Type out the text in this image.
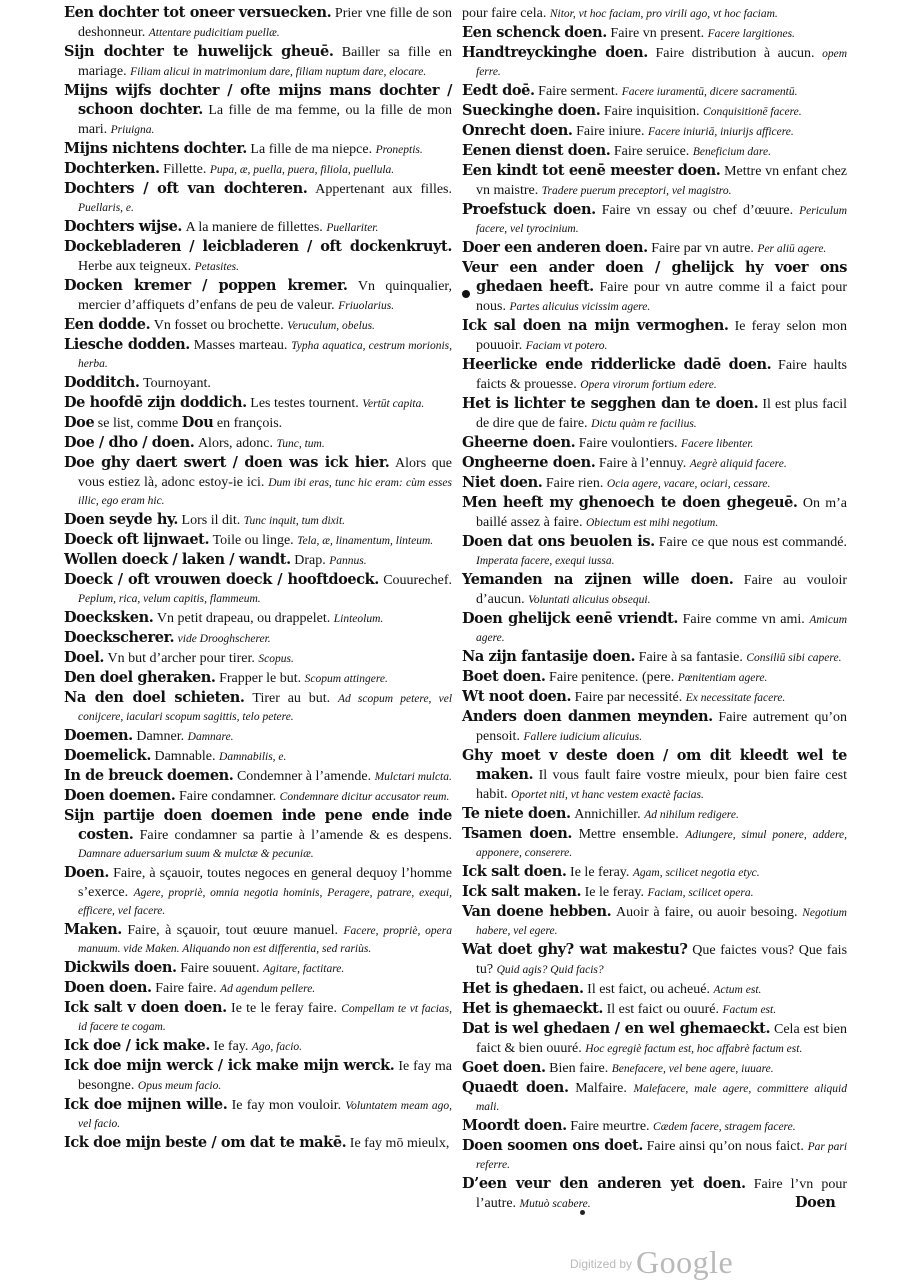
Een dochter tot oneer versuecken. Prier vne fille de son deshonneur. Attentare pudicitiam puellæ.

Sijn dochter te huwelijck gheuē. Bailler sa fille en mariage. Filiam alicui in matrimonium dare, filiam nuptum dare, elocare.

Mijns wijfs dochter / ofte mijns mans dochter / schoon dochter. La fille de ma femme, ou la fille de mon mari. Priuigna.

Mijns nichtens dochter. La fille de ma niepce. Proneptis.

Dochterken. Fillette. Pupa, æ, puella, puera, filiola, puellula.

Dochters / oft van dochteren. Appertenant aux filles. Puellaris, e.

Dochters wijse. A la maniere de fillettes. Puellariter.

Dockebladeren / leicbladeren / oft dockenkruyt. Herbe aux teigneux. Petasites.

Docken kremer / poppen kremer. Vn quinqualier, mercier d’affiquets d’enfans de peu de valeur. Friuolarius.

Een dodde. Vn fosset ou brochette. Veruculum, obelus.

Liesche dodden. Masses marteau. Typha aquatica, cestrum morionis, herba.

Dodditch. Tournoyant.

De hoofdē zijn doddich. Les testes tournent. Vertūt capita.

Doe se list, comme Dou en françois.

Doe / dho / doen. Alors, adonc. Tunc, tum.

Doe ghy daert swert / doen was ick hier. Alors que vous estiez là, adonc estoy-ie ici. Dum ibi eras, tunc hic eram: cùm esses illic, ego eram hic.

Doen seyde hy. Lors il dit. Tunc inquit, tum dixit.

Doeck oft lijnwaet. Toile ou linge. Tela, æ, linamentum, linteum.

Wollen doeck / laken / wandt. Drap. Pannus.

Doeck / oft vrouwen doeck / hooftdoeck. Couurechef. Peplum, rica, velum capitis, flammeum.

Doecksken. Vn petit drapeau, ou drappelet. Linteolum.

Doeckscherer. vide Drooghscherer.

Doel. Vn but d’archer pour tirer. Scopus.

Den doel gheraken. Frapper le but. Scopum attingere.

Na den doel schieten. Tirer au but. Ad scopum petere, vel conijcere, iaculari scopum sagittis, telo petere.

Doemen. Damner. Damnare.

Doemelick. Damnable. Damnabilis, e.

In de breuck doemen. Condemner à l’amende. Mulctari mulcta.

Doen doemen. Faire condamner. Condemnare dicitur accusator reum.

Sijn partije doen doemen inde pene ende inde costen. Faire condamner sa partie à l’amende & es despens. Damnare aduersarium suum & mulctæ & pecuniæ.

Doen. Faire, à sçauoir, toutes negoces en general dequoy l’homme s’exerce. Agere, propriè, omnia negotia hominis, Peragere, patrare, exequi, efficere, vel facere.

Maken. Faire, à sçauoir, tout œuure manuel. Facere, propriè, opera manuum. vide Maken. Aliquando non est differentia, sed rariùs.

Dickwils doen. Faire souuent. Agitare, factitare.

Doen doen. Faire faire. Ad agendum pellere.

Ick salt v doen doen. Ie te le feray faire. Compellam te vt facias, id facere te cogam.

Ick doe / ick make. Ie fay. Ago, facio.

Ick doe mijn werck / ick make mijn werck. Ie fay ma besongne. Opus meum facio.

Ick doe mijnen wille. Ie fay mon vouloir. Voluntatem meam ago, vel facio.

Ick doe mijn beste / om dat te makē. Ie fay mō mieulx,

pour faire cela. Nitor, vt hoc faciam, pro virili ago, vt hoc faciam.

Een schenck doen. Faire vn present. Facere largitiones.

Handtreyckinghe doen. Faire distribution à aucun. opem ferre.

Eedt doē. Faire serment. Facere iuramentū, dicere sacramentū.

Sueckinghe doen. Faire inquisition. Conquisitionē facere.

Onrecht doen. Faire iniure. Facere iniuriā, iniurijs afficere.

Eenen dienst doen. Faire seruice. Beneficium dare.

Een kindt tot eenē meester doen. Mettre vn enfant chez vn maistre. Tradere puerum preceptori, vel magistro.

Proefstuck doen. Faire vn essay ou chef d’œuure. Periculum facere, vel tyrocinium.

Doer een anderen doen. Faire par vn autre. Per aliū agere.

Veur een ander doen / ghelijck hy voer ons ghedaen heeft. Faire pour vn autre comme il a faict pour nous. Partes alicuius vicissim agere.

Ick sal doen na mijn vermoghen. Ie feray selon mon pouuoir. Faciam vt potero.

Heerlicke ende ridderlicke dadē doen. Faire haults faicts & prouesse. Opera virorum fortium edere.

Het is lichter te segghen dan te doen. Il est plus facil de dire que de faire. Dictu quàm re facilius.

Gheerne doen. Faire voulontiers. Facere libenter.

Ongheerne doen. Faire à l’ennuy. Aegrè aliquid facere.

Niet doen. Faire rien. Ocia agere, vacare, ociari, cessare.

Men heeft my ghenoech te doen ghegeuē. On m’a baillé assez à faire. Obiectum est mihi negotium.

Doen dat ons beuolen is. Faire ce que nous est commandé. Imperata facere, exequi iussa.

Yemanden na zijnen wille doen. Faire au vouloir d’aucun. Voluntati alicuius obsequi.

Doen ghelijck eenē vriendt. Faire comme vn ami. Amicum agere.

Na zijn fantasije doen. Faire à sa fantasie. Consiliū sibi capere.

Boet doen. Faire penitence. (pere. Pœnitentiam agere.

Wt noot doen. Faire par necessité. Ex necessitate facere.

Anders doen danmen meynden. Faire autrement qu’on pensoit. Fallere iudicium alicuius.

Ghy moet v deste doen / om dit kleedt wel te maken. Il vous fault faire vostre mieulx, pour bien faire cest habit. Oportet niti, vt hanc vestem exactè facias.

Te niete doen. Annichiller. Ad nihilum redigere.

Tsamen doen. Mettre ensemble. Adiungere, simul ponere, addere, apponere, conserere.

Ick salt doen. Ie le feray. Agam, scilicet negotia etyc.

Ick salt maken. Ie le feray. Faciam, scilicet opera.

Van doene hebben. Auoir à faire, ou auoir besoing. Negotium habere, vel egere.

Wat doet ghy? wat makestu? Que faictes vous? Que fais tu? Quid agis? Quid facis?

Het is ghedaen. Il est faict, ou acheué. Actum est.

Het is ghemaeckt. Il est faict ou ouuré. Factum est.

Dat is wel ghedaen / en wel ghemaeckt. Cela est bien faict & bien ouuré. Hoc egregiè factum est, hoc affabrè factum est.

Goet doen. Bien faire. Benefacere, vel bene agere, iuuare.

Quaedt doen. Malfaire. Malefacere, male agere, committere aliquid mali.

Moordt doen. Faire meurtre. Cædem facere, stragem facere.

Doen soomen ons doet. Faire ainsi qu’on nous faict. Par pari referre.

D’een veur den anderen yet doen. Faire l’vn pour l’autre. Mutuò scabere.	Doen
$^{Digitized by}$ Google
